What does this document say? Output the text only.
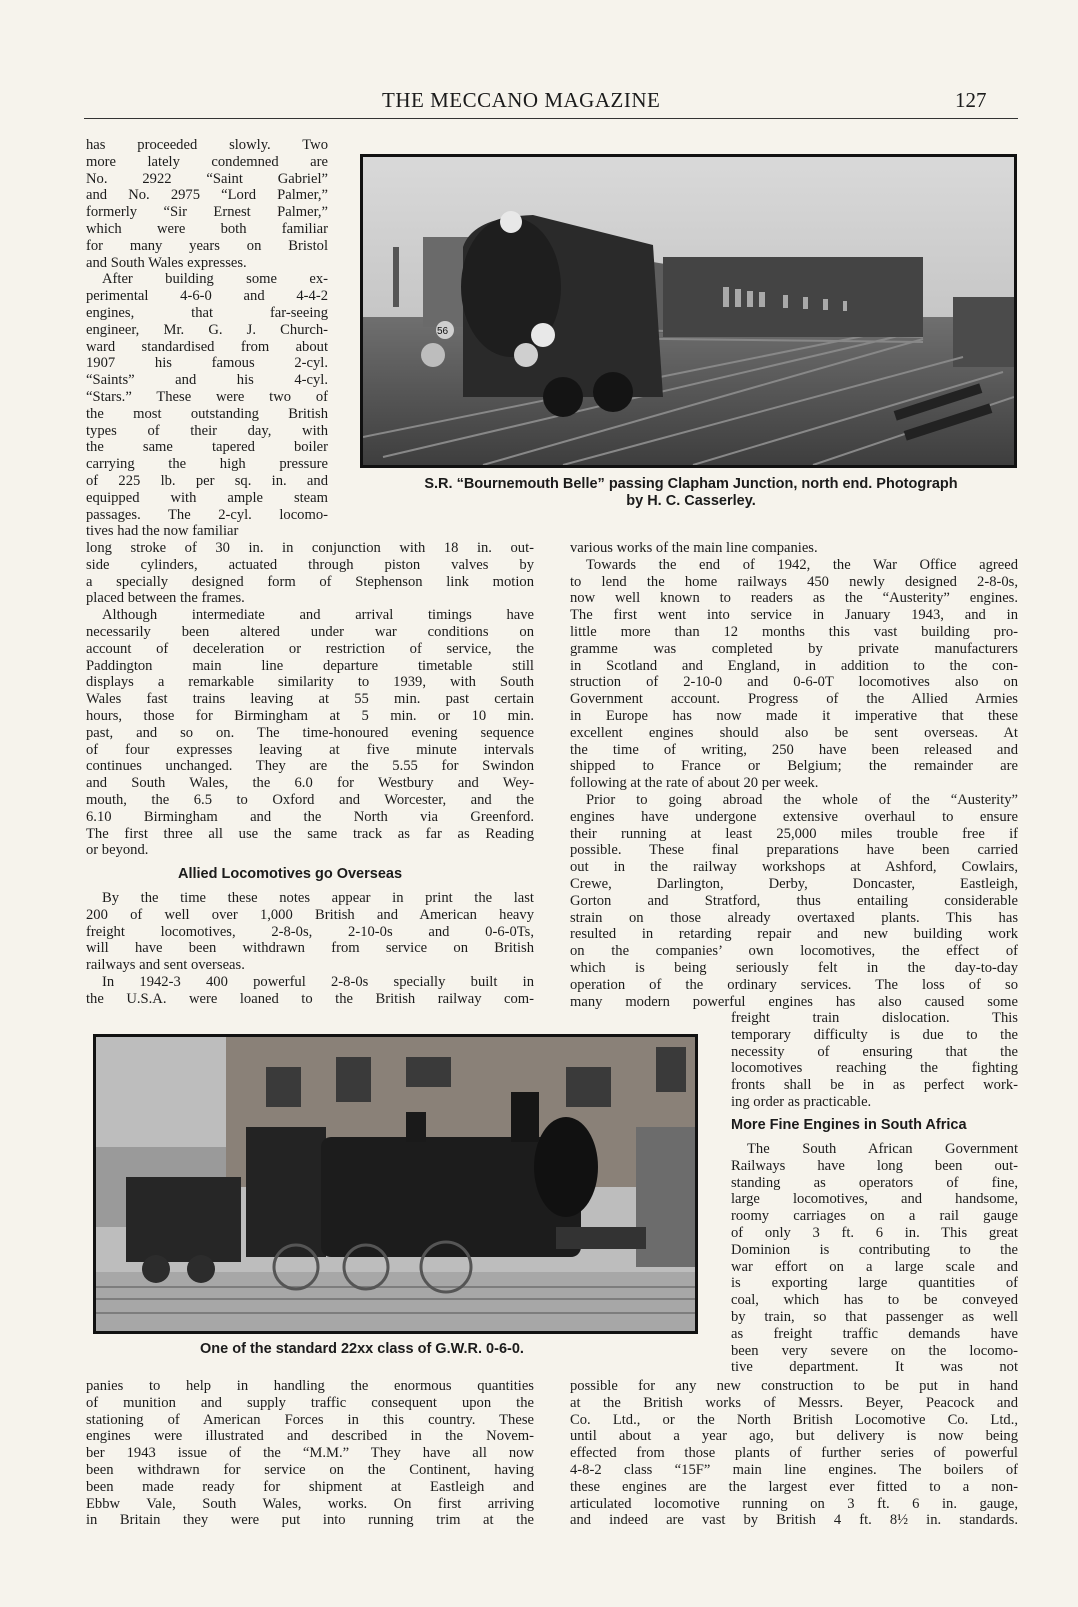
THE MECCANO MAGAZINE	127
56
S.R. “Bournemouth Belle” passing Clapham Junction, north end. Photograph
by H. C. Casserley.
One of the standard 22xx class of G.W.R. 0-6-0.
has proceeded slowly. Two
more lately condemned are
No. 2922 “Saint Gabriel”
and No. 2975 “Lord Palmer,”
formerly “Sir Ernest Palmer,”
which were both familiar
for many years on Bristol
and South Wales expresses.
After building some ex-
perimental 4-6-0 and 4-4-2
engines, that far-seeing
engineer, Mr. G. J. Church-
ward standardised from about
1907 his famous 2-cyl.
“Saints” and his 4-cyl.
“Stars.” These were two of
the most outstanding British
types of their day, with
the same tapered boiler
carrying the high pressure
of 225 lb. per sq. in. and
equipped with ample steam
passages. The 2-cyl. locomo-
tives had the now familiar
long stroke of 30 in. in conjunction with 18 in. out-
side cylinders, actuated through piston valves by
a specially designed form of Stephenson link motion
placed between the frames.
Although intermediate and arrival timings have
necessarily been altered under war conditions on
account of deceleration or restriction of service, the
Paddington main line departure timetable still
displays a remarkable similarity to 1939, with South
Wales fast trains leaving at 55 min. past certain
hours, those for Birmingham at 5 min. or 10 min.
past, and so on. The time-honoured evening sequence
of four expresses leaving at five minute intervals
continues unchanged. They are the 5.55 for Swindon
and South Wales, the 6.0 for Westbury and Wey-
mouth, the 6.5 to Oxford and Worcester, and the
6.10 Birmingham and the North via Greenford.
The first three all use the same track as far as Reading
or beyond.
Allied Locomotives go Overseas
By the time these notes appear in print the last
200 of well over 1,000 British and American heavy
freight locomotives, 2-8-0s, 2-10-0s and 0-6-0Ts,
will have been withdrawn from service on British
railways and sent overseas.
In 1942-3 400 powerful 2-8-0s specially built in
the U.S.A. were loaned to the British railway com-
panies to help in handling the enormous quantities
of munition and supply traffic consequent upon the
stationing of American Forces in this country. These
engines were illustrated and described in the Novem-
ber 1943 issue of the “M.M.” They have all now
been withdrawn for service on the Continent, having
been made ready for shipment at Eastleigh and
Ebbw Vale, South Wales, works. On first arriving
in Britain they were put into running trim at the
various works of the main line companies.
Towards the end of 1942, the War Office agreed
to lend the home railways 450 newly designed 2-8-0s,
now well known to readers as the “Austerity” engines.
The first went into service in January 1943, and in
little more than 12 months this vast building pro-
gramme was completed by private manufacturers
in Scotland and England, in addition to the con-
struction of 2-10-0 and 0-6-0T locomotives also on
Government account. Progress of the Allied Armies
in Europe has now made it imperative that these
excellent engines should also be sent overseas. At
the time of writing, 250 have been released and
shipped to France or Belgium; the remainder are
following at the rate of about 20 per week.
Prior to going abroad the whole of the “Austerity”
engines have undergone extensive overhaul to ensure
their running at least 25,000 miles trouble free if
possible. These final preparations have been carried
out in the railway workshops at Ashford, Cowlairs,
Crewe, Darlington, Derby, Doncaster, Eastleigh,
Gorton and Stratford, thus entailing considerable
strain on those already overtaxed plants. This has
resulted in retarding repair and new building work
on the companies’ own locomotives, the effect of
which is being seriously felt in the day-to-day
operation of the ordinary services. The loss of so
many modern powerful engines has also caused some
freight train dislocation. This
temporary difficulty is due to the
necessity of ensuring that the
locomotives reaching the fighting
fronts shall be in as perfect work-
ing order as practicable.
More Fine Engines in South Africa
The South African Government
Railways have long been out-
standing as operators of fine,
large locomotives, and handsome,
roomy carriages on a rail gauge
of only 3 ft. 6 in. This great
Dominion is contributing to the
war effort on a large scale and
is exporting large quantities of
coal, which has to be conveyed
by train, so that passenger as well
as freight traffic demands have
been very severe on the locomo-
tive department. It was not
possible for any new construction to be put in hand
at the British works of Messrs. Beyer, Peacock and
Co. Ltd., or the North British Locomotive Co. Ltd.,
until about a year ago, but delivery is now being
effected from those plants of further series of powerful
4-8-2 class “15F” main line engines. The boilers of
these engines are the largest ever fitted to a non-
articulated locomotive running on 3 ft. 6 in. gauge,
and indeed are vast by British 4 ft. 8½ in. standards.
